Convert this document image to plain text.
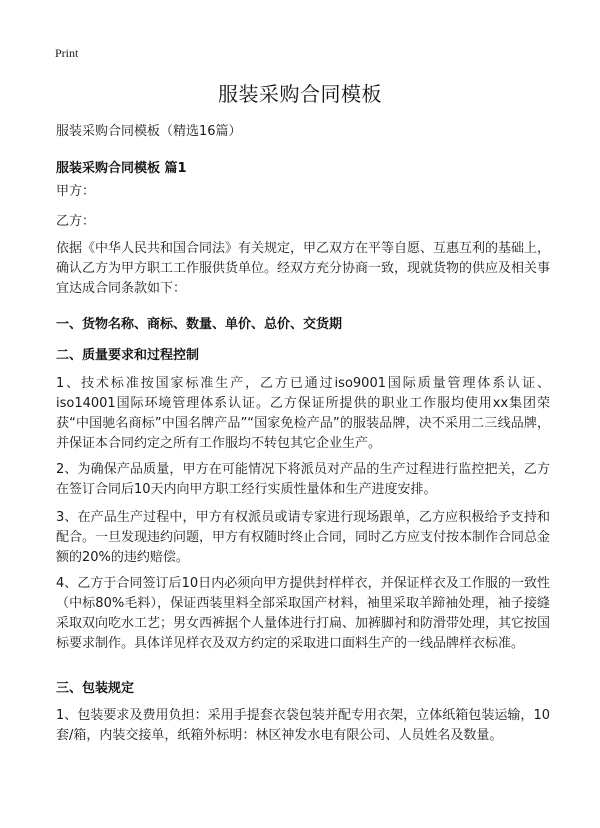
Print
服装采购合同模板
服装采购合同模板（精选16篇）
服装采购合同模板 篇1
甲方：
乙方：
依据《中华人民共和国合同法》有关规定，甲乙双方在平等自愿、互惠互利的基础上，确认乙方为甲方职工工作服供货单位。经双方充分协商一致，现就货物的供应及相关事宜达成合同条款如下：
一、货物名称、商标、数量、单价、总价、交货期
二、质量要求和过程控制
1、技术标准按国家标准生产，乙方已通过iso9001国际质量管理体系认证、iso14001国际环境管理体系认证。乙方保证所提供的职业工作服均使用xx集团荣获“中国驰名商标”中国名牌产品”“国家免检产品”的服装品牌，决不采用二三线品牌，并保证本合同约定之所有工作服均不转包其它企业生产。
2、为确保产品质量，甲方在可能情况下将派员对产品的生产过程进行监控把关，乙方在签订合同后10天内向甲方职工经行实质性量体和生产进度安排。
3、在产品生产过程中，甲方有权派员或请专家进行现场跟单，乙方应积极给予支持和配合。一旦发现违约问题，甲方有权随时终止合同，同时乙方应支付按本制作合同总金额的20%的违约赔偿。
4、乙方于合同签订后10日内必须向甲方提供封样样衣，并保证样衣及工作服的一致性（中标80%毛料），保证西装里料全部采取国产材料，袖里采取羊蹄袖处理，袖子接缝采取双向吃水工艺；男女西裤据个人量体进行打扁、加裤脚衬和防滑带处理，其它按国标要求制作。具体详见样衣及双方约定的采取进口面料生产的一线品牌样衣标准。
三、包装规定
1、包装要求及费用负担：采用手提套衣袋包装并配专用衣架，立体纸箱包装运输，10套/箱，内装交接单，纸箱外标明：林区神发水电有限公司、人员姓名及数量。
